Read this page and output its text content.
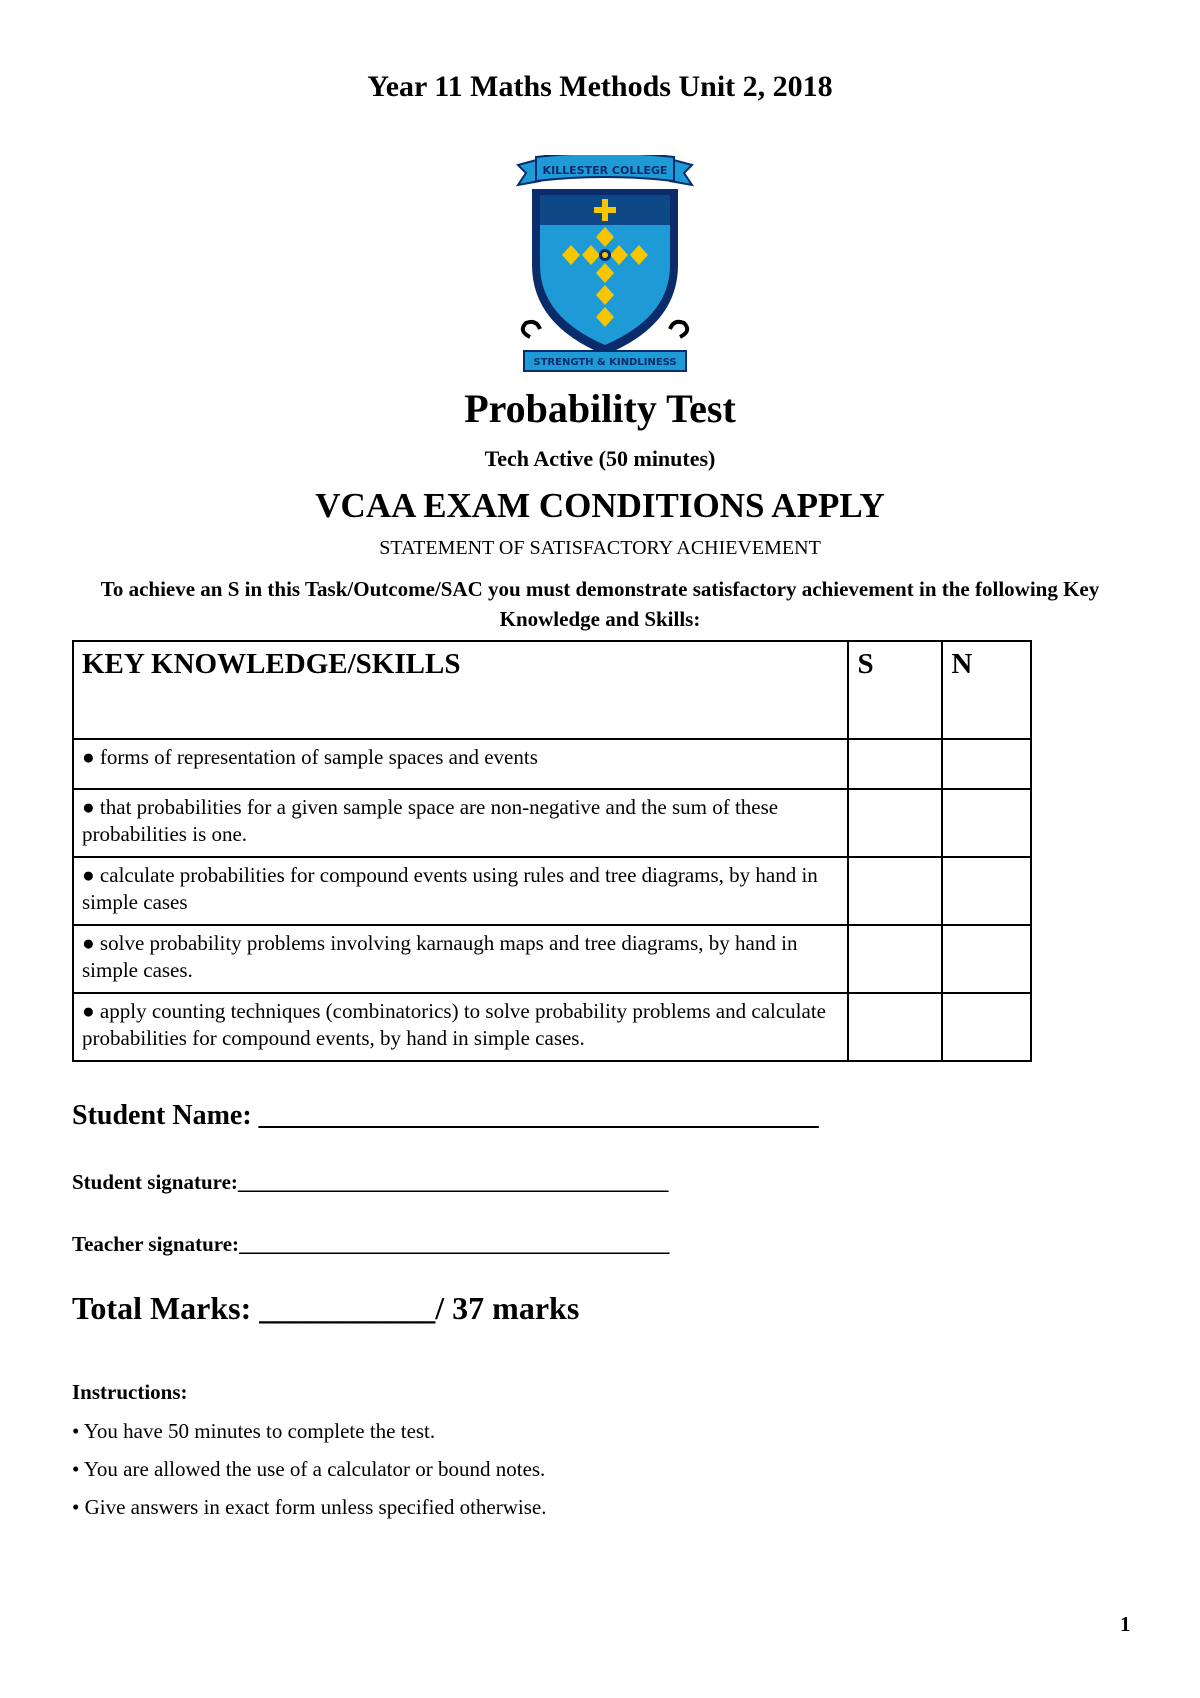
Year 11 Maths Methods Unit 2, 2018
KILLESTER COLLEGE
STRENGTH & KINDLINESS
Probability Test
Tech Active (50 minutes)
VCAA EXAM CONDITIONS APPLY
STATEMENT OF SATISFACTORY ACHIEVEMENT
To achieve an S in this Task/Outcome/SAC you must demonstrate satisfactory achievement in the following Key Knowledge and Skills:
KEY KNOWLEDGE/SKILLS	S	N
● forms of representation of sample spaces and events		
● that probabilities for a given sample space are non-negative and the sum of these probabilities is one.		
● calculate probabilities for compound events using rules and tree diagrams, by hand in simple cases		
● solve probability problems involving karnaugh maps and tree diagrams, by hand in simple cases.		
● apply counting techniques (combinatorics) to solve probability problems and calculate probabilities for compound events, by hand in simple cases.		
Student Name: ________________________________________
Student signature:_________________________________________
Teacher signature:_________________________________________
Total Marks: ___________/ 37 marks
Instructions:
• You have 50 minutes to complete the test.
• You are allowed the use of a calculator or bound notes.
• Give answers in exact form unless specified otherwise.
1
